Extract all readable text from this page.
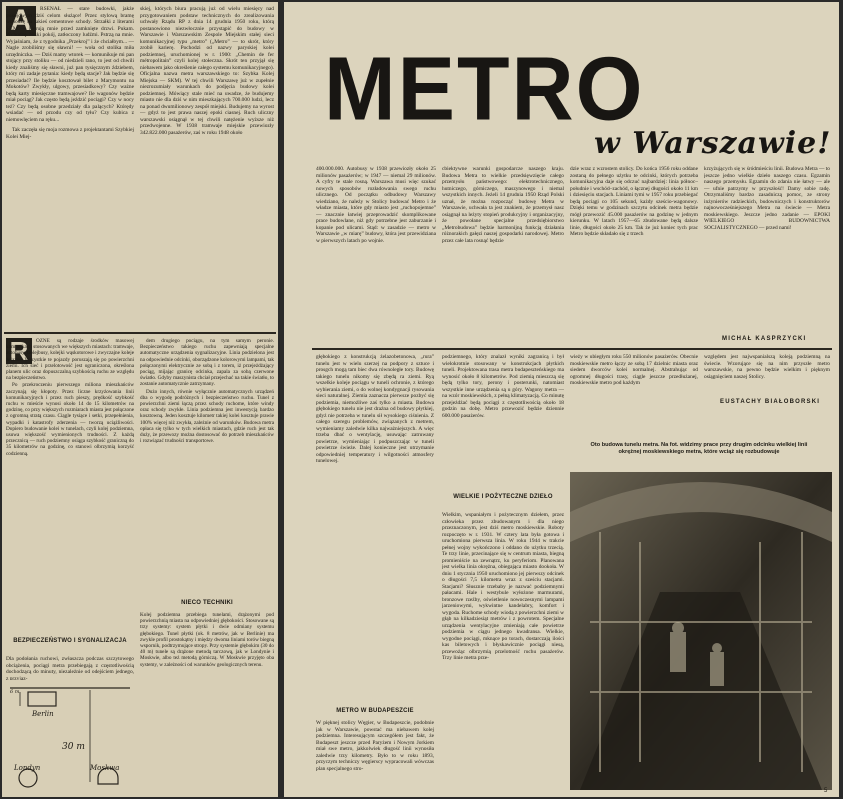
A	RSENAŁ — stare budowki, jakże pokojowym dziś celom służące! Przez stylową bramę wchodzę na jakieś cementowe schody. Strzałki z literami SKM — kierują mnie przed zamknięte drzwi. Pukam. Wchodzę. Niski pokój, zatłoczony ludźmi. Pstrzą na mnie. Wyjaśniam, że z tygodnika „Przekroj” i że chciałbym... — Nagle zrobiliśmy się sławni! — woła od stolika miła urzędniczka. — Dziś mamy wtorek — komunikuje mi pan stojący przy stoliku — od niedzieli rano, to jest od chwili kiedy znaliśmy się sławni, już pan tysięcznym ździebem, który mi zadaje pytania: kiedy będą stacje? Jak będzie się przesiadać? Ile będzie kosztował bilet z Marymontu na Mokotów? Zwykły, ulgowy, przesiadkowy? Czy ważne będą karty miesięczne tramwajowe? Ile wagonów będzie miał pociąg? Jak często będą jeździć pociągi? Czy w nocy też? Czy będą osobne przedziały dla palących? Którędy wsiadać — od przodu czy od tyłu? Czy kubica z niemowlęciem na ręku...
Tak zaczęła się moja rozmowa z projektantami Szybkiej Kolei Miej-
skiej, których biura pracują już od wielu miesięcy nad przygotowaniem podstaw technicznych do zrealizowania uchwały Rządu RP z dnia 14 grudnia 1950 roku, którą postanowiono niezwłocznie przystąpić do budowy w Warszawie i Warszawskim Zespole Miejskim stałej sieci komunikacyjnej typu „metro” („Metro” — to skrót, który zrobił karierę. Pochodzi od nazwy paryskiej kolei podziemnej, uruchomionej w r. 1900: „Chemin de fer métropolitain” czyli kolej stołeczna. Skrót ten przyjął się niebawem jako określenie całego systemu komunikacyjnego). Oficjalna nazwa metra warszawskiego to: Szybka Kolej Miejska — SKM). W tej chwili Warszawę już w zupełnie niezrozumiały warunkach do podjęcia budowy kolei podziemnej. Mówiący stale mieć na uwadze, że budujemy miasto nie dla dziś w nim mieszkających 700.000 ludzi, lecz na ponad dwumilionowy zespół miejski. Budujemy na wyrost — gdyż to jest prawa naszej epoki ciasnej. Ruch uliczny warszawski osiągnął w tej chwili natężenie wyższe niż przedwojenne. W 1938 tramwaje miejskie przewiozły 342.822.000 pasażerów, zaś w roku 1948 około
R	OZNE są rodzaje środków masowej komunikacji stosowanych we większych miastach: tramwaje, autobusy, trolejbusy, kolejki wąskotorowe i zwyczajne koleje żelazne. Wszystkie te pojazdy poruszają się po powierzchni ziemi. Ich sieć i przelotowość jest ograniczona, określona planem ulic oraz dopuszczalną szybkością ruchu ze względu na bezpieczeństwo.

Po przekroczeniu pierwszego miliona mieszkańców zaczynają się kłopoty. Przez liczne krzyżowania linii komunikacyjnych i przez ruch pieszy, prędkość szybkość ruchu w mieście wynosi około 14 do 15 kilometrów na godzinę, co przy większych rozmiarach miasta jest połączone z ogromną stratą czasu. Ciągle tysiące i setki, przepełnienia, wypadki i katastrofy zderzenia — tworzą uciążliwości. Dopiero budowanie kolei w tunelach, czyli kolej podziemna, usuwa większość wymienionych trudności. Z każdą przecznicą — ruch podziemny osiąga szybkość graniczną do 35 kilometrów na godzinę, co stanowi olbrzymią korzyść codzienną.

BEZPIECZEŃSTWO I SYGNALIZACJA
Dla podołania ruchowi, zwłaszcza podczas szczytowego obciążenia, pociągi metra przebiegają z częstotliwością dochodzącą do minuty, niezależnie od odejściem jednego, z przyjaz-

dem drugiego pociągu, na tym samym peronie. Bezpieczeństwo takiego ruchu zapewniają specjalne automatyczne urządzenia sygnalizacyjne. Linia podzielona jest na odpowiednie odcinki, oborządzone kolorowymi lampami, tak połączonymi elektrycznie ze sobą i z torem, iż przejeżdżający pociąg, mijając granicę odcinka, zapala za sobą czerwone światło. Gdyby maszynista chciał przejechać na takie światło, to zostanie automatycznie zatrzymany.

Dużo innych, równie wyłącznie automatycznych urządzeń dba o wygodę podróżnych i bezpieczeństwo ruchu. Tunel z powierzchni ziemi łączą przez schody ruchome, które windy oraz schody zwykłe. Linia podziemna jest inwestycją bardzo kosztowną. Jeden kosztuje kilometr takiej kolei kosztuje prawie 100% więcej niż zwykła, zależnie od warunków. Budowa metra opłaca się tylko w tych wielkich miastach, gdzie ruch jest tak duży, że przewozy można dostosować do potrzeb mieszkańców i rozwiązać trudności transportowe.

NIECO TECHNIKI
Kolej podziemna przebiega tunelami, drążonymi pod powierzchnią miasta na odpowiedniej głębokości. Stosowane są trzy systemy: system płytki i dwie odmiany systemu głębokiego. Tunel płytki (ok. 8 metrów, jak w Berlinie) ma zwykle profil prostokątny i między dwoma liniami torów biegną wspornik, podtrzymujące stropy. Przy systemie głębokim (30 do 40 m) tunele są drążone metodą tarczową, jak w Londynie i Moskwie, albo też metodą górniczą. W Moskwie przyjęto oba systemy, w zależności od warunków geologicznych terenu.
6 m
Berlin
30 m
Londyn	Moskwa
METRO
w Warszawie!
400.000.000. Autobusy w 1938 przewiozły około 25 milionów pasażerów; w 1947 — niemal 29 milionów. A cyfry te stale rosną. Warszawa musi więc szukać nowych sposobów rozładowania swego ruchu ulicznego. Od początku odbudowy Warszawy wiedziano, że należy w Stolicy budować Metro i że władze miasta, które gdy miasto jest „ruchopojemne” — znacznie łatwiej przeprowadzić skomplikowane prace budowlane, niż gdy potrzebne jest zaburzanie i kopanie pod ulicami. Stąd: w zasadzie — metro w Warszawie „w miarę” budowy, która jest przewidziana w pierwszych latach po wojnie.
cbiektywne warunki gospodarcze naszego kraju. Budowa Metra to wielkie przedsięwzięcie całego przemysłu państwowego: elektrotechnicznego, hutniczego, górniczego, maszynowego i niemal wszystkich innych. Jeżeli 14 grudnia 1950 Rząd Polski uznał, że można rozpocząć budowę Metra w Warszawie, uchwała ta jest znakiem, że przemysł nasz osiągnął na leżyty stopień produkcyjny i organizacyjny, że powołane specjalne przedsiębiorstwo „Metrobudowa” będzie harmonijną funkcją działania różnorakich gałęzi naszej gospodarki narodowej. Metro przez całe lata rosnąć będzie
dzie wraz z wzrostem stolicy. Do końca 1956 roku oddane zostaną do pełnego użytku te odcinki, których potrzeba komunikacyjna daje się odczuć najbardziej: linia północ–południe i wschód–zachód, o łącznej długości około 11 km i dziesięciu stacjach. Liniami tymi w 1957 roku przebiegać będą pociągi co 105 sekund, każdy sześcio-wagonowy. Dzięki temu w godzinach szczytu odcinek metra będzie mógł przewozić 45.000 pasażerów na godzinę w jednym kierunku. W latach 1957—65 zbudowane będą dalsze linie, długości około 25 km. Tak że już koniec tych prac Metro będzie składało się z trzech
krzyżujących się w śródmieściu linii. Budowa Metra — to jeszcze jedno wielkie dzieło naszego czasu. Egzamin naszego przemysłu. Egzamin do zdania nie łatwy — ale — ufnie patrzymy w przyszłość! Damy sobie radę. Otrzymaliśmy bardzo zasadniczą pomoc, ze strony inżynierów radzieckich, budowniczych i konstruktorów najnowocześniejszego Metra na świecie — Metra moskiewskiego. Jeszcze jedno zadanie — EPOKI WIELKIEGO BUDOWNICTWA SOCJALISTYCZNEGO — przed nami!
MICHAŁ KASPRZYCKI
głębokiego z konstrukcją żelazobetonowa, „rura” tunelu jest w wielu szerzej na podpory z sztuce i prosgch mogą tam biec dwa równoległe tory. Budowę takiego tunelu nikomy się zbędą ra ziemi. Ryą wszelkie koleje pociągu w tuneli ochronie, z którego wybierania ziemi, o do wolnej kondygnacji rysowania sieci naturalnej. Ziemia zaznacza pierwsze pozbyć się podziemia, niemożliwe zaś tylko a miasta. Budowa głębokiego tunelu nie jest drażna od budowy płytkiej, gdyż nie potrzeba w tunelu sił wysokiego ciśnienia. Z całego szeregu problemów, związanych z metrem, wymieniamy zaledwie kilka najważniejszych. A więc trzeba dbać o wentylację, usuwając zatruwany powietrze, wymieniając i podpuszczając w tuneli powietrze świeże. Dalej konieczne jest utrzymanie odpowiedniej temperatury i wilgotności atmosfery tunelowej.
METRO W BUDAPESZCIE
W pięknej stolicy Węgier, w Budapeszcie, podobnie jak w Warszawie, powstać ma niebawem kolej podziemna. Interesującym szczegółem jest fakt, że Budapeszt jeszcze przed Paryżem i Nowym Jorkiem miał swe metro, jakkolwiek długość linii wynosiła zaledwie trzy kilometry. Było to w roku 1893, przyczym techniczy węgierscy wypracowali wówczas plan specjalnego stro-
podziemnego, który znalazł wyniki zagranicą i był wielokrotnie stosowany w konstrukcjach płytkich tuneli. Projektowana trasa metra budapeszteńskiego ma wynosić około 8 kilometrów. Pod ziemią mieszczą się będą tylko tory, perony i posterunki, natomiast wszystkie inne urządzenia są u góry. Wagony metra — na wzór moskiewskich, z pełną klimatyzacją. Co minutę przejeżdżać będą pociągi z częstotliwością około 18 godzin na dobę. Metro przewozić będzie dziennie 600.000 pasażerów.
WIELKIE I POŻYTECZNE DZIEŁO
Wielkim, wspaniałym i pożytecznym dziełem, przez człowieka przez zbudowanym i dla niego przeznaczonym, jest dziś metro moskiewskie. Roboty rozpoczęto w r. 1931. W cztery lata była gotowa i uruchomiona pierwsza linia. W roku 1944 w trakcie pełnej wojny wykończono i oddano do użytku trzecią. Te trzy linie, przecinające się w centrum miasta, biegną promieniście na zewnątrz, ku peryferiom. Planowana jest wielka linia okrężna, obiegająca miasto dookoła. W dniu 1 stycznia 1950 uruchomiono jej pierwszy odcinek o długości 7,5 kilometra wraz z sześciu stacjami. Stacjami? Słusznie trzebaby je nazwać podziemnymi pałacami. Hale i westybule wyłożone marmurami, bronzowe rzeźby, oświetlenie nowoczesnymi lampami jarzeniowymi, wykwintne kandelabry, komfort i wygoda. Ruchome schody wiodą z powierzchni ziemi w głąb na kilkadziesiąt metrów i z powrotem. Specjalne urządzenia wentylacyjne zmieniają całe powietrze podziemia w ciągu jednego kwadransa. Wielkie, wygodne pociągi, mknące po torach, dostarczają ilości kas biletowych i błyskawicznie pociągi niesą, przewożąc olbrzymią przelotność ruchu pasażerów. Trzy linie metra prze-
wieży w ubiegłym roku 550 milionów pasażerów. Obecnie moskiewskie metro łączy ze sobą 17 dzielnic miasta oraz siedem dworców kolei normalnej. Abstrahując od ogromnej długości trasy, ciągle jeszcze przedłużanej, moskiewskie metro pod każdym
względem jest najwspanialszą koleją podziemną na świecie. Wzorujące się na nim przyszłe metro warszawskie, na pewno będzie wielkim i pięknym osiągnięciem naszej Stolicy.
EUSTACHY BIAŁOBORSKI
Oto budowa tunelu metra. Na fot. widzimy prace przy drugim odcinku wielkiej linii okrężnej moskiewskiego metra, które wciąż się rozbudowuje
5
